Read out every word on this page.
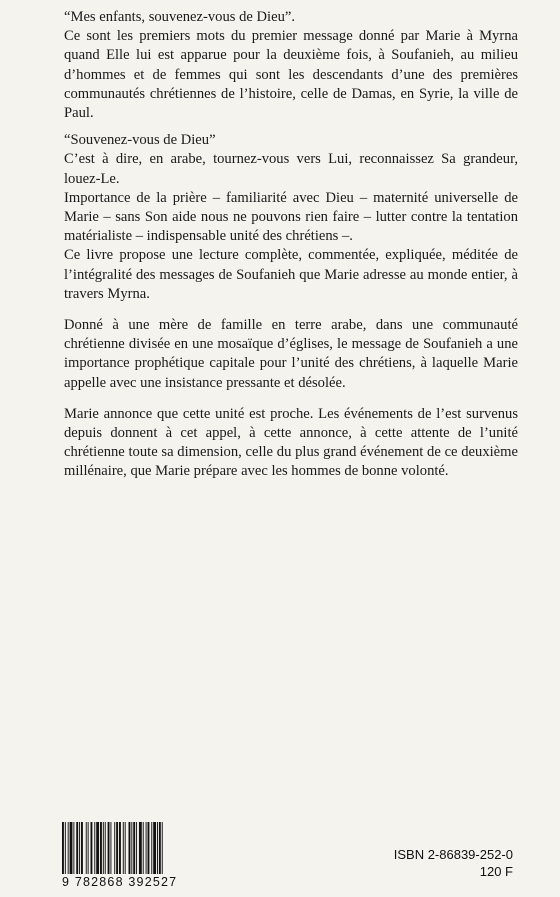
“Mes enfants, souvenez-vous de Dieu”.

Ce sont les premiers mots du premier message donné par Marie à Myrna quand Elle lui est apparue pour la deuxième fois, à Soufanieh, au milieu d’hommes et de femmes qui sont les descendants d’une des premières communautés chrétiennes de l’histoire, celle de Damas, en Syrie, la ville de Paul.

“Souvenez-vous de Dieu”

C’est à dire, en arabe, tournez-vous vers Lui, reconnaissez Sa grandeur, louez-Le.

Importance de la prière – familiarité avec Dieu – maternité universelle de Marie – sans Son aide nous ne pouvons rien faire – lutter contre la tentation matérialiste – indispensable unité des chrétiens –.

Ce livre propose une lecture complète, commentée, expliquée, méditée de l’intégralité des messages de Soufanieh que Marie adresse au monde entier, à travers Myrna.

Donné à une mère de famille en terre arabe, dans une communauté chrétienne divisée en une mosaïque d’églises, le message de Soufanieh a une importance prophétique capitale pour l’unité des chrétiens, à laquelle Marie appelle avec une insistance pressante et désolée.

Marie annonce que cette unité est proche. Les événements de l’est survenus depuis donnent à cet appel, à cette annonce, à cette attente de l’unité chrétienne toute sa dimension, celle du plus grand événement de ce deuxième millénaire, que Marie prépare avec les hommes de bonne volonté.

9 782868 392527
ISBN 2-86839-252-0
120 F
